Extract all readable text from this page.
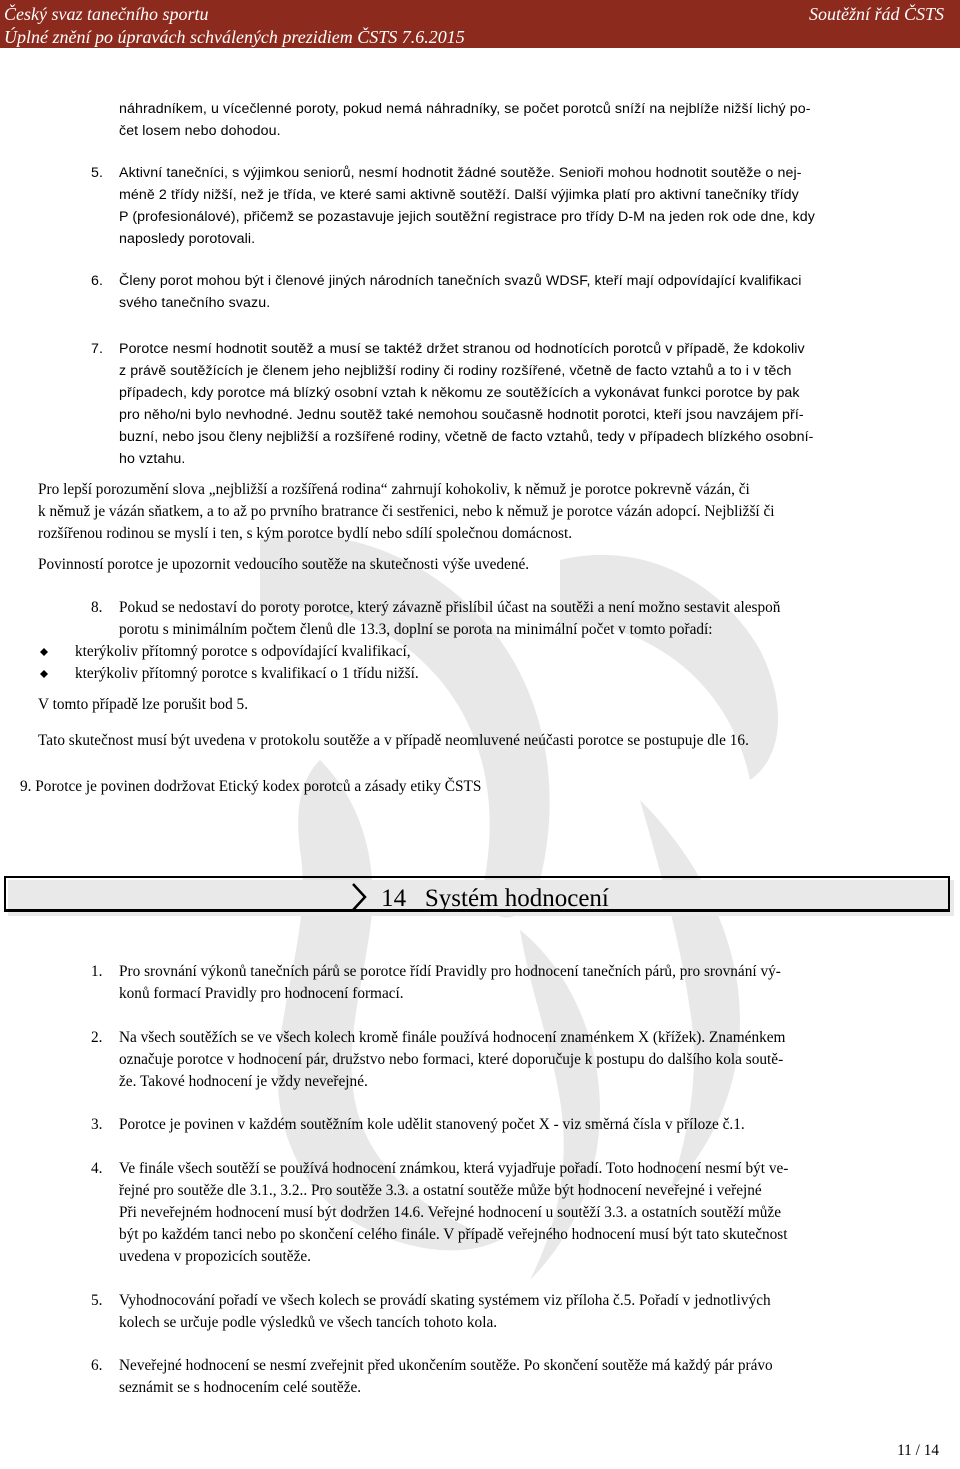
Český svaz tanečního sportu
Úplné znění po úpravách schválených prezidiem ČSTS 7.6.2015
Soutěžní řád ČSTS
náhradníkem, u vícečlenné poroty, pokud nemá náhradníky, se počet porotců sníží na nejblíže nižší lichý po-
čet losem nebo dohodou.
5. Aktivní tanečníci, s výjimkou seniorů, nesmí hodnotit žádné soutěže. Senioři mohou hodnotit soutěže o nej-
méně 2 třídy nižší, než je třída, ve které sami aktivně soutěží. Další výjimka platí pro aktivní tanečníky třídy
P (profesionálové), přičemž se pozastavuje jejich soutěžní registrace pro třídy D-M na jeden rok ode dne, kdy
naposledy porotovali.
6. Členy porot mohou být i členové jiných národních tanečních svazů WDSF, kteří mají odpovídající kvalifikaci
svého tanečního svazu.
7. Porotce nesmí hodnotit soutěž a musí se taktéž držet stranou od hodnotících porotců v případě, že kdokoliv
z právě soutěžících je členem jeho nejbližší rodiny či rodiny rozšířené, včetně de facto vztahů a to i v těch
případech, kdy porotce má blízký osobní vztah k někomu ze soutěžících a vykonávat funkci porotce by pak
pro něho/ni bylo nevhodné. Jednu soutěž také nemohou současně hodnotit porotci, kteří jsou navzájem pří-
buzní, nebo jsou členy nejbližší a rozšířené rodiny, včetně de facto vztahů, tedy v případech blízkého osobní-
ho vztahu.
Pro lepší porozumění slova „nejbližší a rozšířená rodina“ zahrnují kohokoliv, k němuž je porotce pokrevně vázán, či
k němuž je vázán sňatkem, a to až po prvního bratrance či sestřenici, nebo k němuž je porotce vázán adopcí. Nejbližší či
rozšířenou rodinou se myslí i ten, s kým porotce bydlí nebo sdílí společnou domácnost.
Povinností porotce je upozornit vedoucího soutěže na skutečnosti výše uvedené.
8. Pokud se nedostaví do poroty porotce, který závazně přislíbil účast na soutěži a není možno sestavit alespoň
porotu s minimálním počtem členů dle 13.3, doplní se porota na minimální počet v tomto pořadí:
kterýkoliv přítomný porotce s odpovídající kvalifikací,
kterýkoliv přítomný porotce s kvalifikací o 1 třídu nižší.
V tomto případě lze porušit bod 5.
Tato skutečnost musí být uvedena v protokolu soutěže a v případě neomluvené neúčasti porotce se postupuje dle 16.
9. Porotce je povinen dodržovat Etický kodex porotců a zásady etiky ČSTS
14 Systém hodnocení
1. Pro srovnání výkonů tanečních párů se porotce řídí Pravidly pro hodnocení tanečních párů, pro srovnání vý-
konů formací Pravidly pro hodnocení formací.
2. Na všech soutěžích se ve všech kolech kromě finále používá hodnocení znaménkem X (křížek). Znaménkem
označuje porotce v hodnocení pár, družstvo nebo formaci, které doporučuje k postupu do dalšího kola soutě-
že. Takové hodnocení je vždy neveřejné.
3. Porotce je povinen v každém soutěžním kole udělit stanovený počet X - viz směrná čísla v příloze č.1.
4. Ve finále všech soutěží se používá hodnocení známkou, která vyjadřuje pořadí. Toto hodnocení nesmí být ve-
řejné pro soutěže dle 3.1., 3.2.. Pro soutěže 3.3. a ostatní soutěže může být hodnocení neveřejné i veřejné
Při neveřejném hodnocení musí být dodržen 14.6. Veřejné hodnocení u soutěží 3.3. a ostatních soutěží může
být po každém tanci nebo po skončení celého finále. V případě veřejného hodnocení musí být tato skutečnost
uvedena v propozicích soutěže.
5. Vyhodnocování pořadí ve všech kolech se provádí skating systémem viz příloha č.5. Pořadí v jednotlivých
kolech se určuje podle výsledků ve všech tancích tohoto kola.
6. Neveřejné hodnocení se nesmí zveřejnit před ukončením soutěže. Po skončení soutěže má každý pár právo
seznámit se s hodnocením celé soutěže.
11 / 14
